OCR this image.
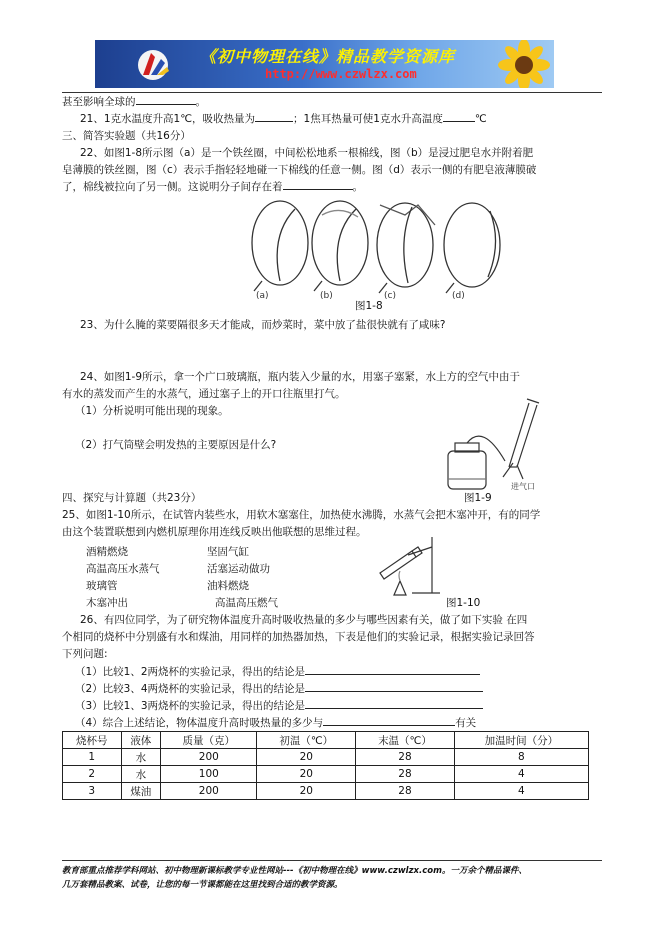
《初中物理在线》精品教学资源库
http://www.czwlzx.com
甚至影响全球的	。
21、1克水温度升高1℃，吸收热量为	；1焦耳热量可使1克水升高温度	℃
三、简答实验题（共16分）
22、如图1-8所示图（a）是一个铁丝圈，中间松松地系一根棉线，图（b）是浸过肥皂水并附着肥
皂薄膜的铁丝圈，图（c）表示手指轻轻地碰一下棉线的任意一侧。图（d）表示一侧的有肥皂液薄膜破
了，棉线被拉向了另一侧。这说明分子间存在着	。
(a)	(b)	(c)	(d)
图1-8
23、为什么腌的菜要隔很多天才能咸，而炒菜时，菜中放了盐很快就有了咸味?
24、如图1-9所示，拿一个广口玻璃瓶，瓶内装入少量的水，用塞子塞紧，水上方的空气中由于
有水的蒸发而产生的水蒸气，通过塞子上的开口往瓶里打气。
（1）分析说明可能出现的现象。
（2）打气筒壁会明发热的主要原因是什么?
进气口
四、探究与计算题（共23分）	图1-9
25、如图1-10所示，在试管内装些水，用软木塞塞住，加热使水沸腾，水蒸气会把木塞冲开，有的同学
由这个装置联想到内燃机原理你用连线反映出他联想的思维过程。
酒精燃烧
高温高压水蒸气
玻璃管
木塞冲出
坚固气缸
活塞运动做功
油料燃烧
高温高压燃气	图1-10
26、有四位同学，为了研究物体温度升高时吸收热量的多少与哪些因素有关，做了如下实验 在四
个相同的烧杯中分别盛有水和煤油，用同样的加热器加热，下表是他们的实验记录，根据实验记录回答
下列问题:
（1）比较1、2两烧杯的实验记录，得出的结论是
（2）比较3、4两烧杯的实验记录，得出的结论是
（3）比较1、3两烧杯的实验记录，得出的结论是
（4）综合上述结论，物体温度升高时吸热量的多少与	有关
烧杯号	液体	质量（克）	初温（℃）	末温（℃）	加温时间（分）
1	水	200	20	28	8
2	水	100	20	28	4
3	煤油	200	20	28	4
教育部重点推荐学科网站、初中物理新课标教学专业性网站---《初中物理在线》www.czwlzx.com。一万余个精品课件、
几万套精品教案、试卷，让您的每一节课都能在这里找到合适的教学资源。
